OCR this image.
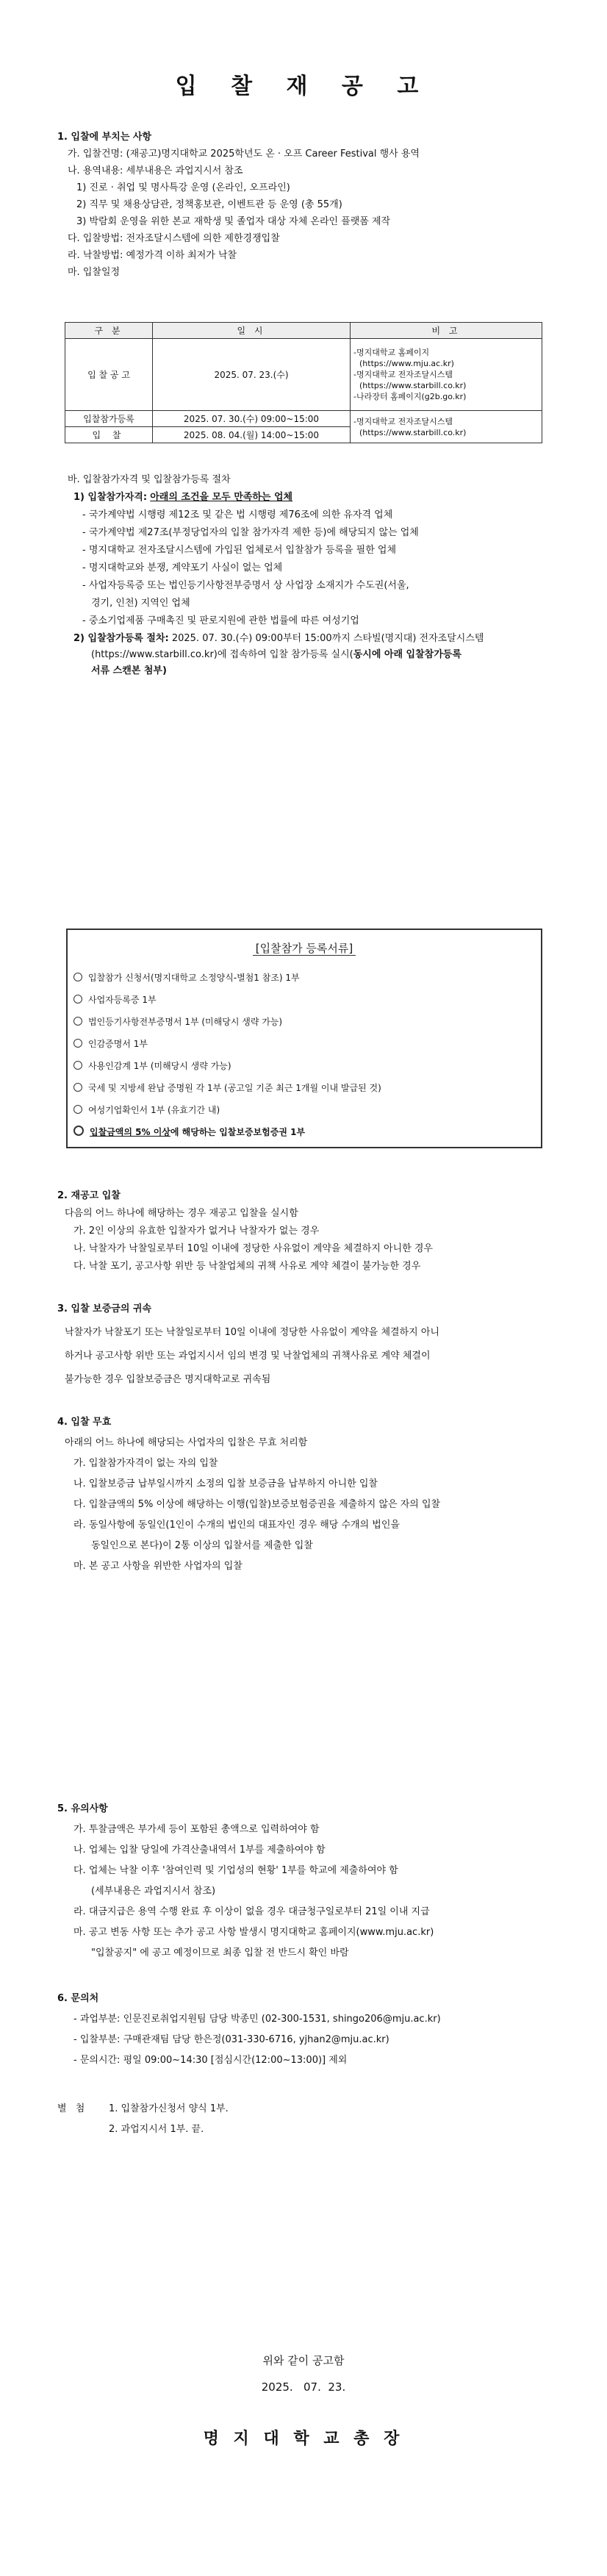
입 찰 재 공 고
1. 입찰에 부치는 사항
가. 입찰건명: (재공고)명지대학교 2025학년도 온 · 오프 Career Festival 행사 용역
나. 용역내용: 세부내용은 과업지시서 참조
1) 진로 · 취업 및 명사특강 운영 (온라인, 오프라인)
2) 직무 및 채용상담관, 정책홍보관, 이벤트관 등 운영 (총 55개)
3) 박람회 운영을 위한 본교 재학생 및 졸업자 대상 자체 온라인 플랫폼 제작
다. 입찰방법: 전자조달시스템에 의한 제한경쟁입찰
라. 낙찰방법: 예정가격 이하 최저가 낙찰
마. 입찰일정
구 분	일 시	비 고
입 찰 공 고	2025. 07. 23.(수)	-명지대학교 홈페이지
(https://www.mju.ac.kr)
-명지대학교 전자조달시스템
(https://www.starbill.co.kr)
-나라장터 홈페이지(g2b.go.kr)

입찰참가등록	2025. 07. 30.(수) 09:00~15:00	-명지대학교 전자조달시스템
(https://www.starbill.co.kr)

입 찰	2025. 08. 04.(월) 14:00~15:00	
바. 입찰참가자격 및 입찰참가등록 절차
1) 입찰참가자격: 아래의 조건을 모두 만족하는 업체
- 국가계약법 시행령 제12조 및 같은 법 시행령 제76조에 의한 유자격 업체
- 국가계약법 제27조(부정당업자의 입찰 참가자격 제한 등)에 해당되지 않는 업체
- 명지대학교 전자조달시스템에 가입된 업체로서 입찰참가 등록을 필한 업체
- 명지대학교와 분쟁, 계약포기 사실이 없는 업체
- 사업자등록증 또는 법인등기사항전부증명서 상 사업장 소재지가 수도권(서울,
경기, 인천) 지역인 업체
- 중소기업제품 구매촉진 및 판로지원에 관한 법률에 따른 여성기업
2) 입찰참가등록 절차: 2025. 07. 30.(수) 09:00부터 15:00까지 스타빌(명지대) 전자조달시스템
(https://www.starbill.co.kr)에 접속하여 입찰 참가등록 실시(동시에 아래 입찰참가등록
서류 스캔본 첨부)
[입찰참가 등록서류]
입찰참가 신청서(명지대학교 소정양식-별첨1 참조) 1부
사업자등록증 1부
법인등기사항전부증명서 1부 (미해당시 생략 가능)
인감증명서 1부
사용인감계 1부 (미해당시 생략 가능)
국세 및 지방세 완납 증명원 각 1부 (공고일 기준 최근 1개월 이내 발급된 것)
여성기업확인서 1부 (유효기간 내)
입찰금액의 5% 이상에 해당하는 입찰보증보험증권 1부
2. 재공고 입찰
다음의 어느 하나에 해당하는 경우 재공고 입찰을 실시함
가. 2인 이상의 유효한 입찰자가 없거나 낙찰자가 없는 경우
나. 낙찰자가 낙찰일로부터 10일 이내에 정당한 사유없이 계약을 체결하지 아니한 경우
다. 낙찰 포기, 공고사항 위반 등 낙찰업체의 귀책 사유로 계약 체결이 불가능한 경우
3. 입찰 보증금의 귀속
낙찰자가 낙찰포기 또는 낙찰일로부터 10일 이내에 정당한 사유없이 계약을 체결하지 아니
하거나 공고사항 위반 또는 과업지시서 임의 변경 및 낙찰업체의 귀책사유로 계약 체결이
불가능한 경우 입찰보증금은 명지대학교로 귀속됨
4. 입찰 무효
아래의 어느 하나에 해당되는 사업자의 입찰은 무효 처리함
가. 입찰참가자격이 없는 자의 입찰
나. 입찰보증금 납부일시까지 소정의 입찰 보증금을 납부하지 아니한 입찰
다. 입찰금액의 5% 이상에 해당하는 이행(입찰)보증보험증권을 제출하지 않은 자의 입찰
라. 동일사항에 동일인(1인이 수개의 법인의 대표자인 경우 해당 수개의 법인을
동일인으로 본다)이 2통 이상의 입찰서를 제출한 입찰
마. 본 공고 사항을 위반한 사업자의 입찰
5. 유의사항
가. 투찰금액은 부가세 등이 포함된 총액으로 입력하여야 함
나. 업체는 입찰 당일에 가격산출내역서 1부를 제출하여야 함
다. 업체는 낙찰 이후 '참여인력 및 기업성의 현황' 1부를 학교에 제출하여야 함
(세부내용은 과업지시서 참조)
라. 대금지급은 용역 수행 완료 후 이상이 없을 경우 대금청구일로부터 21일 이내 지급
마. 공고 변동 사항 또는 추가 공고 사항 발생시 명지대학교 홈페이지(www.mju.ac.kr)
"입찰공지" 에 공고 예정이므로 최종 입찰 전 반드시 확인 바람
6. 문의처
- 과업부분: 인문진로취업지원팀 담당 박종민 (02-300-1531, shingo206@mju.ac.kr)
- 입찰부분: 구매관재팀 담당 한은정(031-330-6716, yjhan2@mju.ac.kr)
- 문의시간: 평일 09:00~14:30 [점심시간(12:00~13:00)] 제외
별 첨 1. 입찰참가신청서 양식 1부.
2. 과업지시서 1부. 끝.
위와 같이 공고함
2025.   07.  23.
명 지 대 학 교 총 장
